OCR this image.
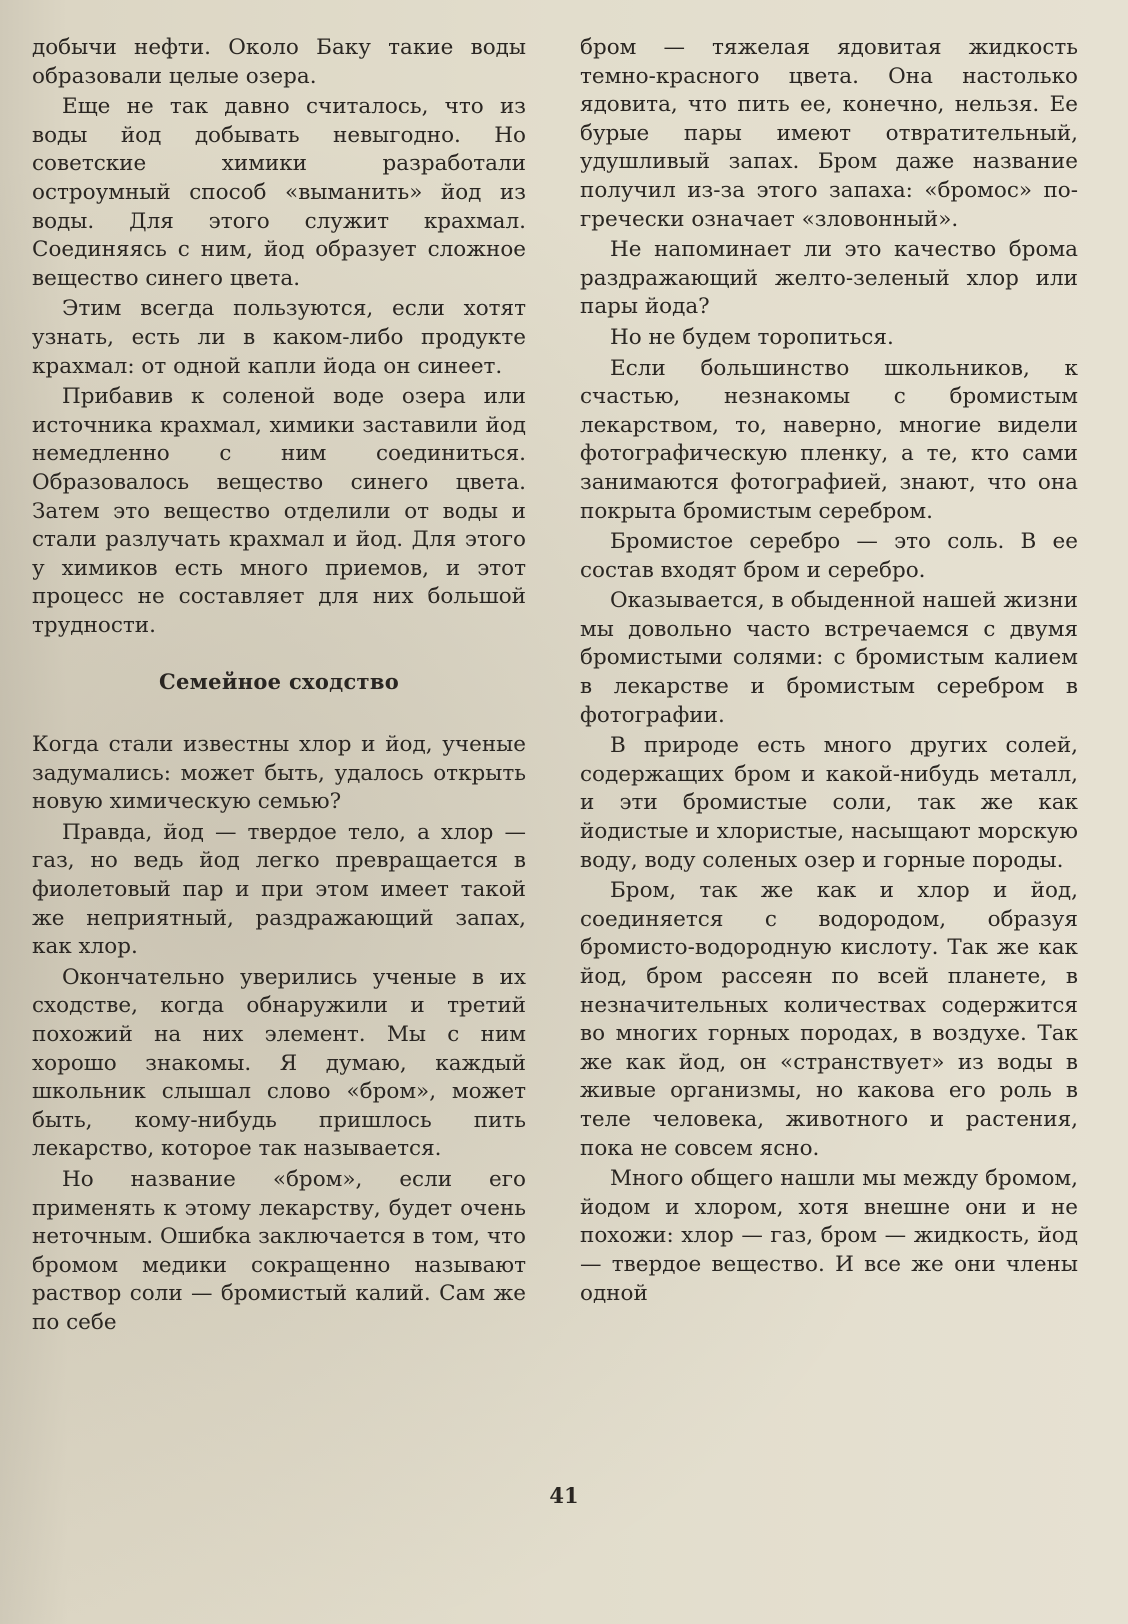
добычи нефти. Около Баку такие воды образовали целые озера.

Еще не так давно считалось, что из воды йод добывать невыгодно. Но советские химики разработали остроумный способ «выманить» йод из воды. Для этого служит крахмал. Соединяясь с ним, йод образует сложное вещество синего цвета.

Этим всегда пользуются, если хотят узнать, есть ли в каком-либо продукте крахмал: от одной капли йода он синеет.

Прибавив к соленой воде озера или источника крахмал, химики заставили йод немедленно с ним соединиться. Образовалось вещество синего цвета. Затем это вещество отделили от воды и стали разлучать крахмал и йод. Для этого у химиков есть много приемов, и этот процесс не составляет для них большой трудности.

Семейное сходство

Когда стали известны хлор и йод, ученые задумались: может быть, удалось открыть новую химическую семью?

Правда, йод — твердое тело, а хлор — газ, но ведь йод легко превращается в фиолетовый пар и при этом имеет такой же неприятный, раздражающий запах, как хлор.

Окончательно уверились ученые в их сходстве, когда обнаружили и третий похожий на них элемент. Мы с ним хорошо знакомы. Я думаю, каждый школьник слышал слово «бром», может быть, кому-нибудь пришлось пить лекарство, которое так называется.

Но название «бром», если его применять к этому лекарству, будет очень неточным. Ошибка заключается в том, что бромом медики сокращенно называют раствор соли — бромистый калий. Сам же по себе

бром — тяжелая ядовитая жидкость темно-красного цвета. Она настолько ядовита, что пить ее, конечно, нельзя. Ее бурые пары имеют отвратительный, удушливый запах. Бром даже название получил из-за этого запаха: «бромос» по-гречески означает «зловонный».

Не напоминает ли это качество брома раздражающий желто-зеленый хлор или пары йода?

Но не будем торопиться.

Если большинство школьников, к счастью, незнакомы с бромистым лекарством, то, наверно, многие видели фотографическую пленку, а те, кто сами занимаются фотографией, знают, что она покрыта бромистым серебром.

Бромистое серебро — это соль. В ее состав входят бром и серебро.

Оказывается, в обыденной нашей жизни мы довольно часто встречаемся с двумя бромистыми солями: с бромистым калием в лекарстве и бромистым серебром в фотографии.

В природе есть много других солей, содержащих бром и какой-нибудь металл, и эти бромистые соли, так же как йодистые и хлористые, насыщают морскую воду, воду соленых озер и горные породы.

Бром, так же как и хлор и йод, соединяется с водородом, образуя бромисто-водородную кислоту. Так же как йод, бром рассеян по всей планете, в незначительных количествах содержится во многих горных породах, в воздухе. Так же как йод, он «странствует» из воды в живые организмы, но какова его роль в теле человека, животного и растения, пока не совсем ясно.

Много общего нашли мы между бромом, йодом и хлором, хотя внешне они и не похожи: хлор — газ, бром — жидкость, йод — твердое вещество. И все же они члены одной

41
